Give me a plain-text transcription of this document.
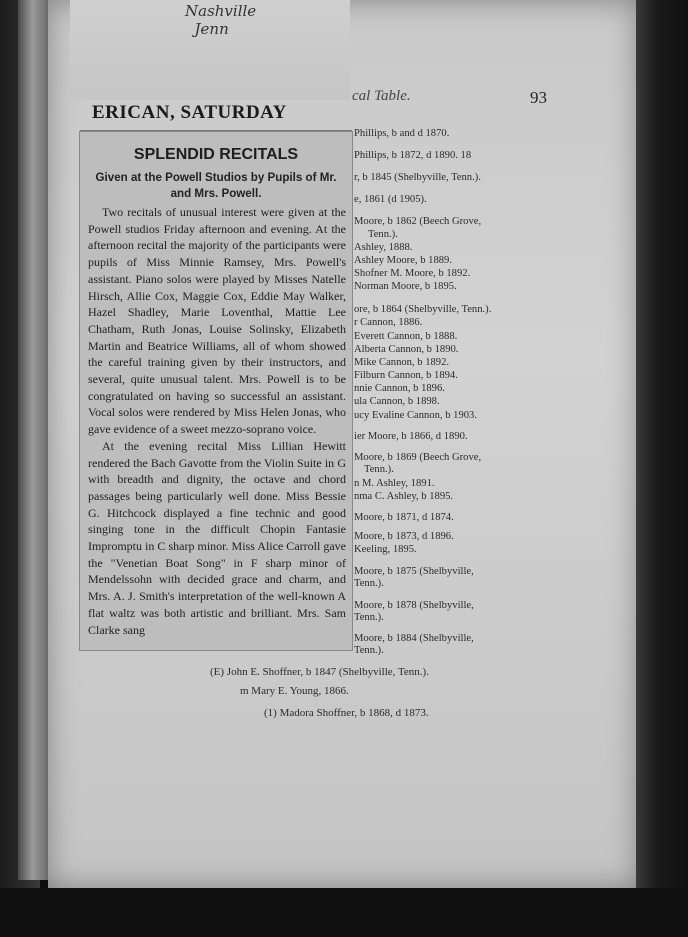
cal Table.	93
Phillips, b and d 1870.
Phillips, b 1872, d 1890. 18
r, b 1845 (Shelbyville, Tenn.).
e, 1861 (d 1905).
Moore, b 1862 (Beech Grove,
Tenn.).
Ashley, 1888.
Ashley Moore, b 1889.
Shofner M. Moore, b 1892.
Norman Moore, b 1895.
ore, b 1864 (Shelbyville, Tenn.).
r Cannon, 1886.
Everett Cannon, b 1888.
Alberta Cannon, b 1890.
Mike Cannon, b 1892.
Filburn Cannon, b 1894.
nnie Cannon, b 1896.
ula Cannon, b 1898.
ucy Evaline Cannon, b 1903.
ier Moore, b 1866, d 1890.
Moore, b 1869 (Beech Grove,
Tenn.).
n M. Ashley, 1891.
nma C. Ashley, b 1895.
Moore, b 1871, d 1874.
Moore, b 1873, d 1896.
Keeling, 1895.
Moore, b 1875 (Shelbyville,
Tenn.).
Moore, b 1878 (Shelbyville,
Tenn.).
Moore, b 1884 (Shelbyville,
Tenn.).
(E) John E. Shoffner, b 1847 (Shelbyville, Tenn.).
m Mary E. Young, 1866.
(1) Madora Shoffner, b 1868, d 1873.
Nashville
Jenn
ERICAN, SATURDAY
SPLENDID RECITALS
Given at the Powell Studios by Pupils of Mr. and Mrs. Powell.

Two recitals of unusual interest were given at the Powell studios Friday afternoon and evening. At the afternoon recital the majority of the participants were pupils of Miss Minnie Ramsey, Mrs. Powell's assistant. Piano solos were played by Misses Natelle Hirsch, Allie Cox, Maggie Cox, Eddie May Walker, Hazel Shadley, Marie Loventhal, Mattie Lee Chatham, Ruth Jonas, Louise Solinsky, Elizabeth Martin and Beatrice Williams, all of whom showed the careful training given by their instructors, and several, quite unusual talent. Mrs. Powell is to be congratulated on having so successful an assistant. Vocal solos were rendered by Miss Helen Jonas, who gave evidence of a sweet mezzo-soprano voice.

At the evening recital Miss Lillian Hewitt rendered the Bach Gavotte from the Violin Suite in G with breadth and dignity, the octave and chord passages being particularly well done. Miss Bessie G. Hitchcock displayed a fine technic and good singing tone in the difficult Chopin Fantasie Impromptu in C sharp minor. Miss Alice Carroll gave the "Venetian Boat Song" in F sharp minor of Mendelssohn with decided grace and charm, and Mrs. A. J. Smith's interpretation of the well-known A flat waltz was both artistic and brilliant. Mrs. Sam Clarke sang
